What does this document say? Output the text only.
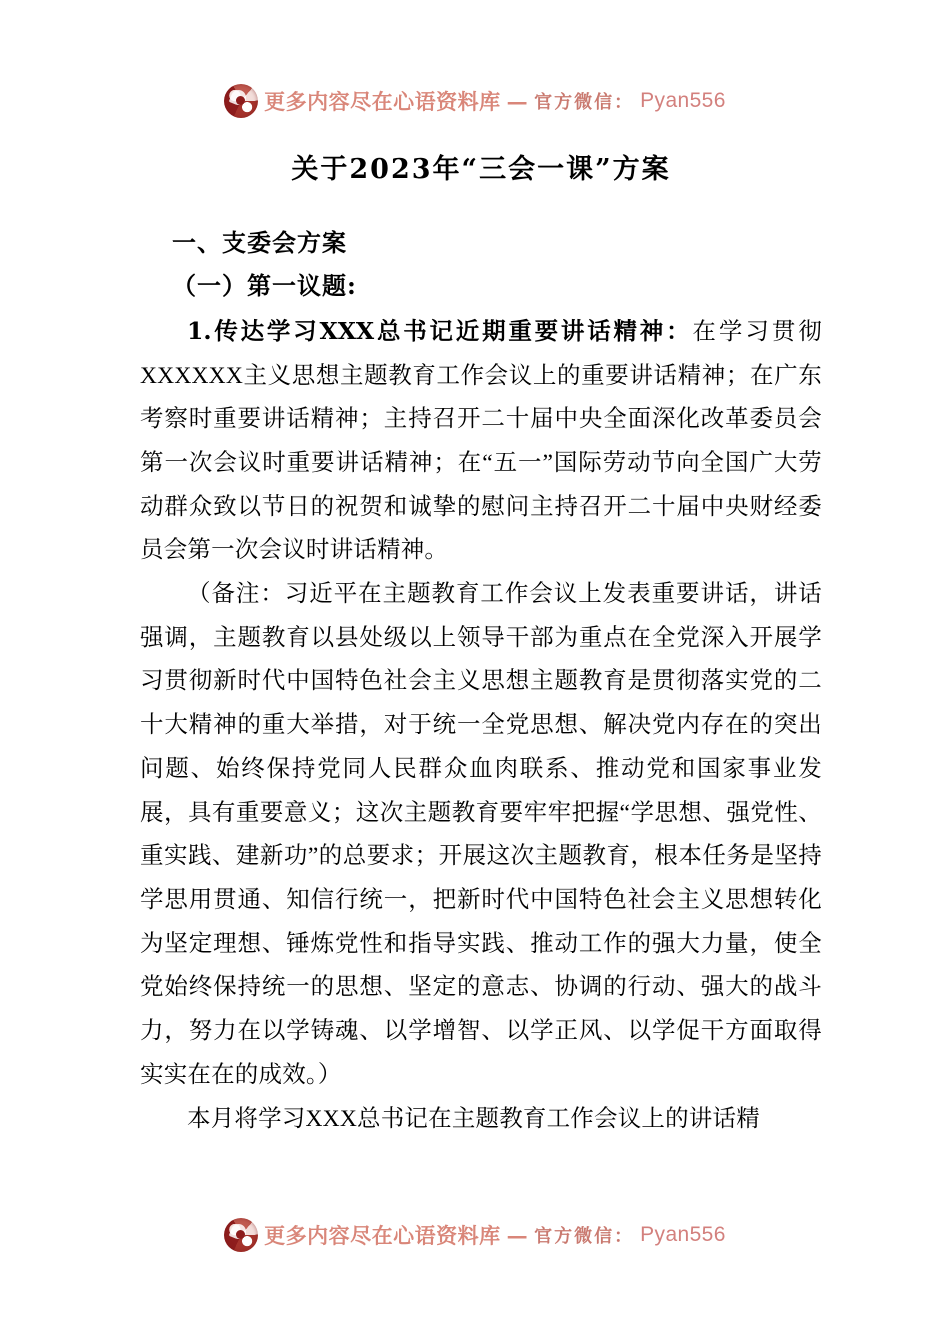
更多内容尽在心语资料库 — 官方微信： Pyan556
关于2023年“三会一课”方案

一、支委会方案

（一）第一议题:

1.传达学习XXX总书记近期重要讲话精神：在学习贯彻XXXXXX主义思想主题教育工作会议上的重要讲话精神；在广东考察时重要讲话精神；主持召开二十届中央全面深化改革委员会第一次会议时重要讲话精神；在“五一”国际劳动节向全国广大劳动群众致以节日的祝贺和诚挚的慰问主持召开二十届中央财经委员会第一次会议时讲话精神。

（备注：习近平在主题教育工作会议上发表重要讲话，讲话强调，主题教育以县处级以上领导干部为重点在全党深入开展学习贯彻新时代中国特色社会主义思想主题教育是贯彻落实党的二十大精神的重大举措，对于统一全党思想、解决党内存在的突出问题、始终保持党同人民群众血肉联系、推动党和国家事业发展，具有重要意义；这次主题教育要牢牢把握“学思想、强党性、重实践、建新功”的总要求；开展这次主题教育，根本任务是坚持学思用贯通、知信行统一，把新时代中国特色社会主义思想转化为坚定理想、锤炼党性和指导实践、推动工作的强大力量，使全党始终保持统一的思想、坚定的意志、协调的行动、强大的战斗力，努力在以学铸魂、以学增智、以学正风、以学促干方面取得实实在在的成效。）

本月将学习XXX总书记在主题教育工作会议上的讲话精

更多内容尽在心语资料库 — 官方微信： Pyan556
